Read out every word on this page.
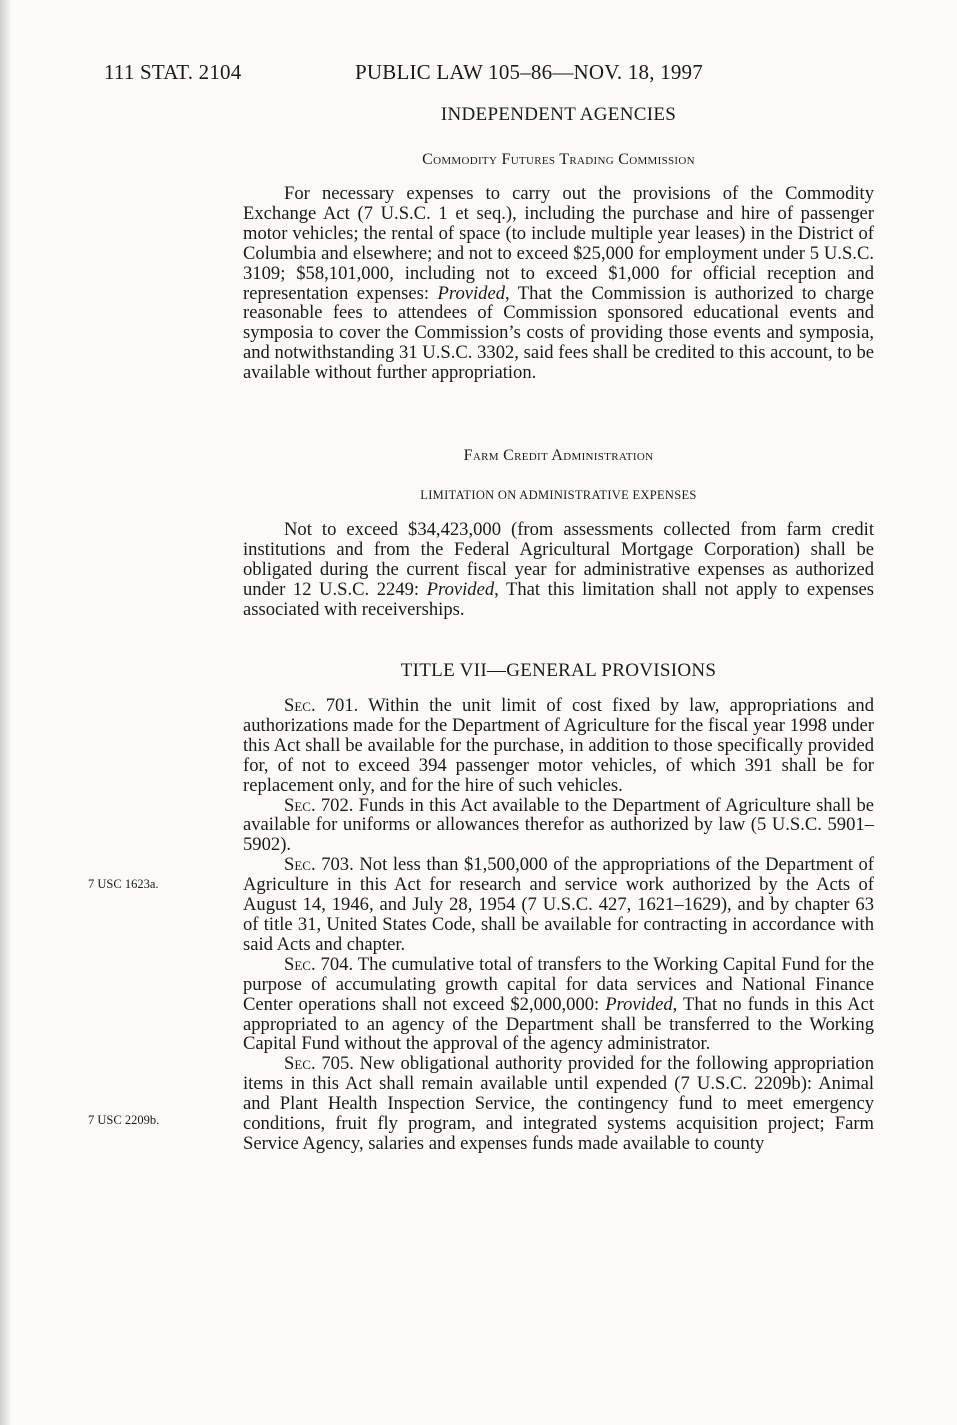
111 STAT. 2104	PUBLIC LAW 105–86—NOV. 18, 1997
INDEPENDENT AGENCIES
Commodity Futures Trading Commission

For necessary expenses to carry out the provisions of the Commodity Exchange Act (7 U.S.C. 1 et seq.), including the purchase and hire of passenger motor vehicles; the rental of space (to include multiple year leases) in the District of Columbia and elsewhere; and not to exceed $25,000 for employment under 5 U.S.C. 3109; $58,101,000, including not to exceed $1,000 for official reception and representation expenses: Provided, That the Commission is authorized to charge reasonable fees to attendees of Commission sponsored educational events and symposia to cover the Commission’s costs of providing those events and symposia, and notwithstanding 31 U.S.C. 3302, said fees shall be credited to this account, to be available without further appropriation.

Farm Credit Administration
LIMITATION ON ADMINISTRATIVE EXPENSES

Not to exceed $34,423,000 (from assessments collected from farm credit institutions and from the Federal Agricultural Mortgage Corporation) shall be obligated during the current fiscal year for administrative expenses as authorized under 12 U.S.C. 2249: Provided, That this limitation shall not apply to expenses associated with receiverships.

TITLE VII—GENERAL PROVISIONS

Sec. 701. Within the unit limit of cost fixed by law, appropriations and authorizations made for the Department of Agriculture for the fiscal year 1998 under this Act shall be available for the purchase, in addition to those specifically provided for, of not to exceed 394 passenger motor vehicles, of which 391 shall be for replacement only, and for the hire of such vehicles.

Sec. 702. Funds in this Act available to the Department of Agriculture shall be available for uniforms or allowances therefor as authorized by law (5 U.S.C. 5901–5902).

Sec. 703. Not less than $1,500,000 of the appropriations of the Department of Agriculture in this Act for research and service work authorized by the Acts of August 14, 1946, and July 28, 1954 (7 U.S.C. 427, 1621–1629), and by chapter 63 of title 31, United States Code, shall be available for contracting in accordance with said Acts and chapter.

Sec. 704. The cumulative total of transfers to the Working Capital Fund for the purpose of accumulating growth capital for data services and National Finance Center operations shall not exceed $2,000,000: Provided, That no funds in this Act appropriated to an agency of the Department shall be transferred to the Working Capital Fund without the approval of the agency administrator.

Sec. 705. New obligational authority provided for the following appropriation items in this Act shall remain available until expended (7 U.S.C. 2209b): Animal and Plant Health Inspection Service, the contingency fund to meet emergency conditions, fruit fly program, and integrated systems acquisition project; Farm Service Agency, salaries and expenses funds made available to county

7 USC 1623a.
7 USC 2209b.
